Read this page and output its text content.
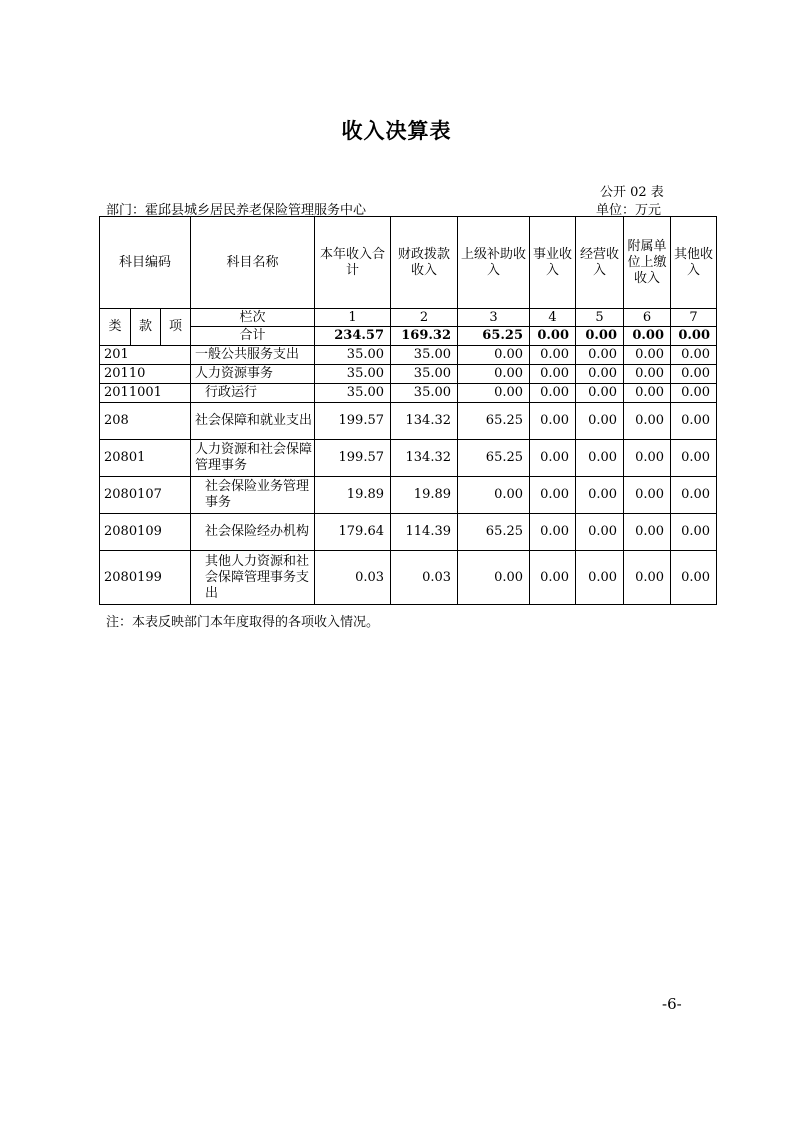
收入决算表
公开 02 表
部门：霍邱县城乡居民养老保险管理服务中心	单位：万元
科目编码			科目名称	本年收入合计	财政拨款收入	上级补助收入	事业收入	经营收入	附属单位上缴收入	其他收入
类	款	项	栏次	1	2	3	4	5	6	7
			合计	234.57	169.32	65.25	0.00	0.00	0.00	0.00
201			一般公共服务支出	35.00	35.00	0.00	0.00	0.00	0.00	0.00
20110			人力资源事务	35.00	35.00	0.00	0.00	0.00	0.00	0.00
2011001			行政运行	35.00	35.00	0.00	0.00	0.00	0.00	0.00
208			社会保障和就业支出	199.57	134.32	65.25	0.00	0.00	0.00	0.00
20801			人力资源和社会保障管理事务	199.57	134.32	65.25	0.00	0.00	0.00	0.00
2080107			社会保险业务管理事务	19.89	19.89	0.00	0.00	0.00	0.00	0.00
2080109			社会保险经办机构	179.64	114.39	65.25	0.00	0.00	0.00	0.00
2080199			其他人力资源和社会保障管理事务支出	0.03	0.03	0.00	0.00	0.00	0.00	0.00
注：本表反映部门本年度取得的各项收入情况。
-6-
